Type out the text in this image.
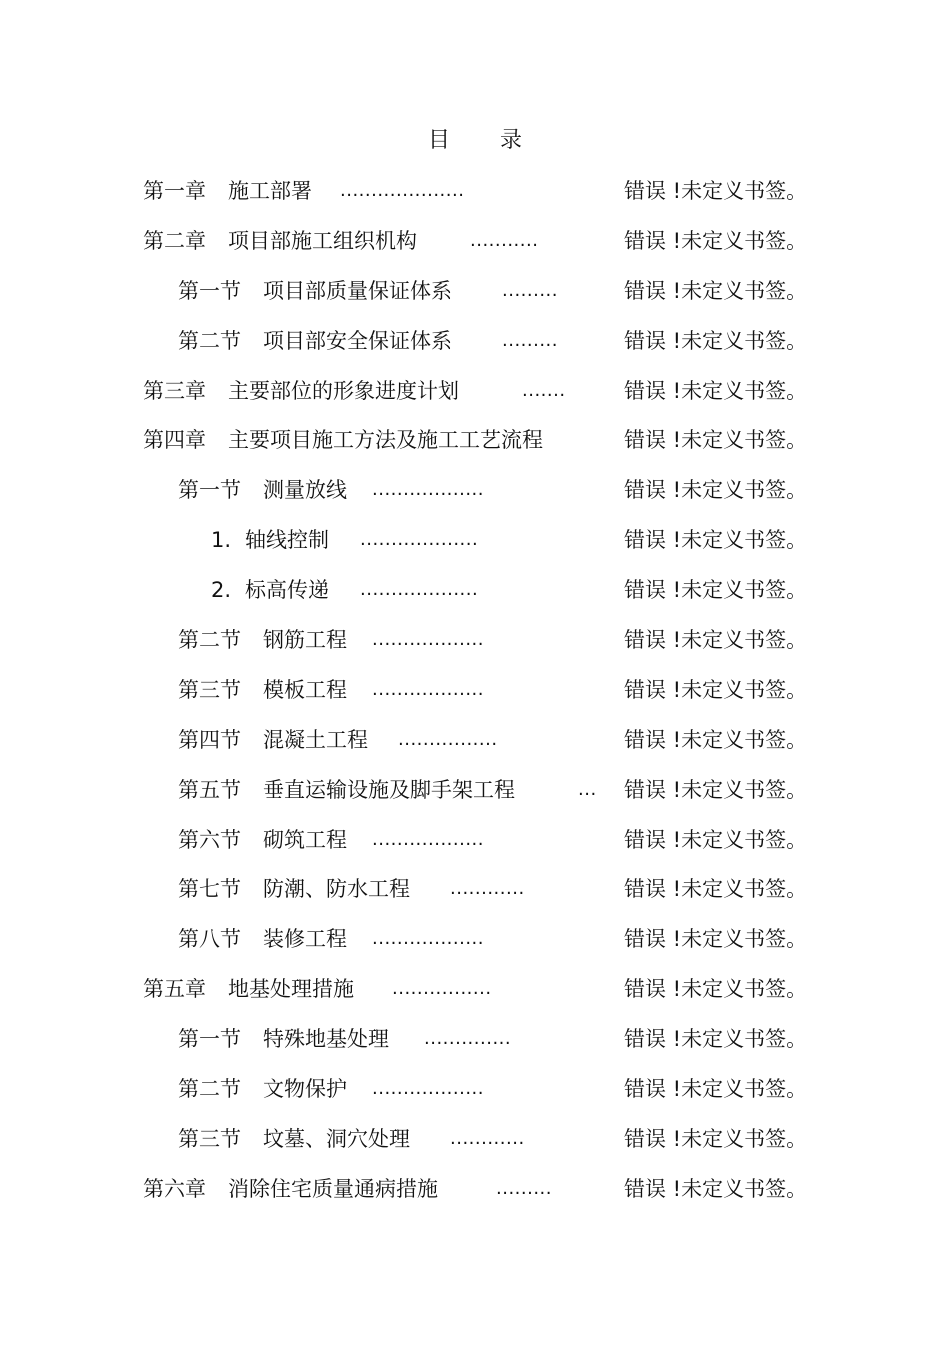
目 录
第一章 施工部署 ....................	错误 !未定义书签。
第二章 项目部施工组织机构	...........	错误 !未定义书签。
第一节 项目部质量保证体系	.........	错误 !未定义书签。
第二节 项目部安全保证体系	.........	错误 !未定义书签。
第三章 主要部位的形象进度计划	.......	错误 !未定义书签。
第四章 主要项目施工方法及施工工艺流程	错误 !未定义书签。
第一节 测量放线 ..................	错误 !未定义书签。
1. 轴线控制 ...................	错误 !未定义书签。
2. 标高传递 ...................	错误 !未定义书签。
第二节 钢筋工程 ..................	错误 !未定义书签。
第三节 模板工程 ..................	错误 !未定义书签。
第四节 混凝土工程 ................	错误 !未定义书签。
第五节 垂直运输设施及脚手架工程	... 错误 !未定义书签。
第六节 砌筑工程 ..................	错误 !未定义书签。
第七节 防潮、防水工程 ............	错误 !未定义书签。
第八节 装修工程 ..................	错误 !未定义书签。
第五章 地基处理措施 ................	错误 !未定义书签。
第一节 特殊地基处理 ..............	错误 !未定义书签。
第二节 文物保护 ..................	错误 !未定义书签。
第三节 坟墓、洞穴处理 ............	错误 !未定义书签。
第六章 消除住宅质量通病措施	.........	错误 !未定义书签。
